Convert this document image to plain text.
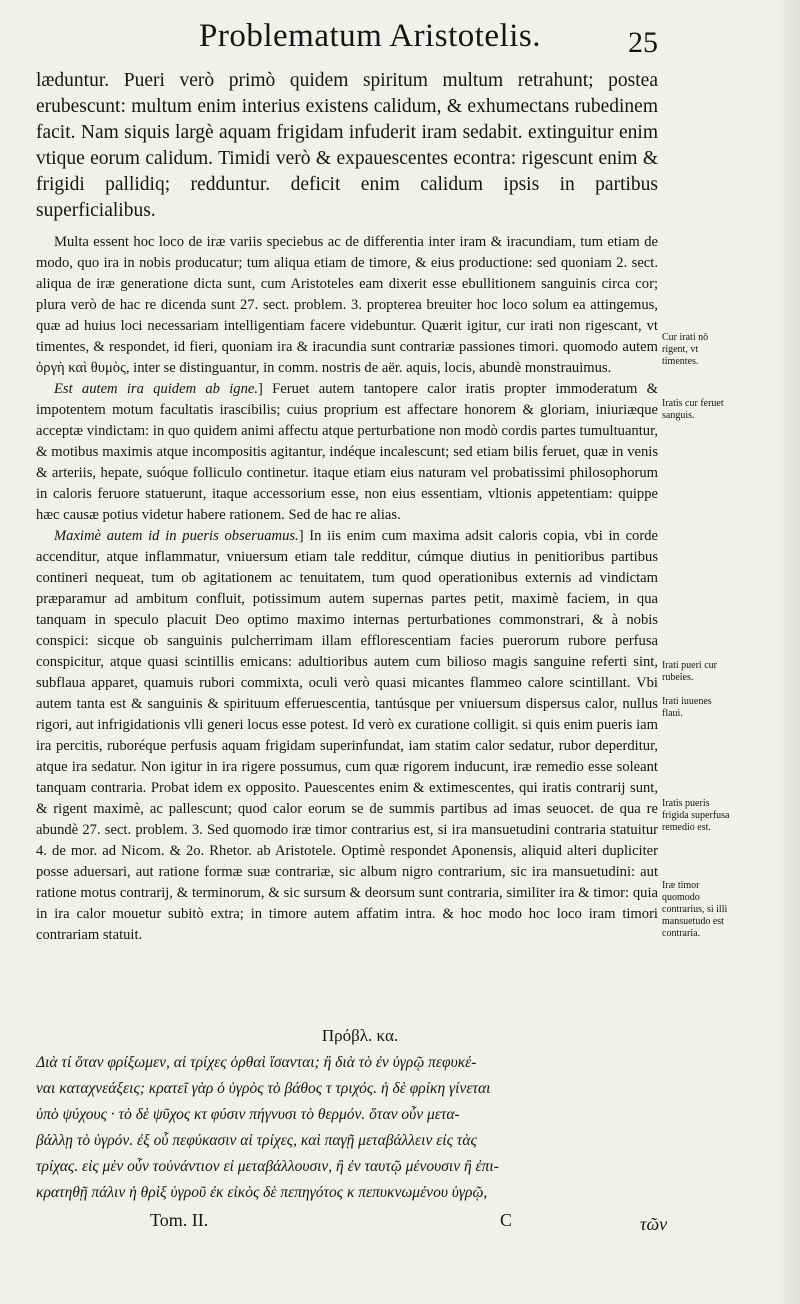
Problematum Aristotelis.	25
læduntur. Pueri verò primò quidem spiritum multum retrahunt; postea erubescunt: multum enim interius existens calidum, & exhumectans rubedinem facit. Nam siquis largè aquam frigidam infuderit iram sedabit. extinguitur enim vtique eorum calidum. Timidi verò & expauescentes econtra: rigescunt enim & frigidi pallidiq; redduntur. deficit enim calidum ipsis in partibus superficialibus.

Multa essent hoc loco de iræ variis speciebus ac de differentia inter iram & iracundiam, tum etiam de modo, quo ira in nobis producatur; tum aliqua etiam de timore, & eius productione: sed quoniam 2. sect. aliqua de iræ generatione dicta sunt, cum Aristoteles eam dixerit esse ebullitionem sanguinis circa cor; plura verò de hac re dicenda sunt 27. sect. problem. 3. propterea breuiter hoc loco solum ea attingemus, quæ ad huius loci necessariam intelligentiam facere videbuntur. Quærit igitur, cur irati non rigescant, vt timentes, & respondet, id fieri, quoniam ira & iracundia sunt contrariæ passiones timori. quomodo autem ὀργὴ καὶ θυμὸς, inter se distinguantur, in comm. nostris de aër. aquis, locis, abundè monstrauimus.

Est autem ira quidem ab igne.] Feruet autem tantopere calor iratis propter immoderatum & impotentem motum facultatis irascibilis; cuius proprium est affectare honorem & gloriam, iniuriæque acceptæ vindictam: in quo quidem animi affectu atque perturbatione non modò cordis partes tumultuantur, & motibus maximis atque incompositis agitantur, indéque incalescunt; sed etiam bilis feruet, quæ in venis & arteriis, hepate, suóque folliculo continetur. itaque etiam eius naturam vel probatissimi philosophorum in caloris feruore statuerunt, itaque accessorium esse, non eius essentiam, vltionis appetentiam: quippe hæc causæ potius videtur habere rationem. Sed de hac re alias.

Maximè autem id in pueris obseruamus.] In iis enim cum maxima adsit caloris copia, vbi in corde accenditur, atque inflammatur, vniuersum etiam tale redditur, cúmque diutius in penitioribus partibus contineri nequeat, tum ob agitationem ac tenuitatem, tum quod operationibus externis ad vindictam præparamur ad ambitum confluit, potissimum autem supernas partes petit, maximè faciem, in qua tanquam in speculo placuit Deo optimo maximo internas perturbationes commonstrari, & à nobis conspici: sicque ob sanguinis pulcherrimam illam efflorescentiam facies puerorum rubore perfusa conspicitur, atque quasi scintillis emicans: adultioribus autem cum bilioso magis sanguine referti sint, subflaua apparet, quamuis rubori commixta, oculi verò quasi micantes flammeo calore scintillant. Vbi autem tanta est & sanguinis & spirituum efferuescentia, tantúsque per vniuersum dispersus calor, nullus rigori, aut infrigidationis vlli generi locus esse potest. Id verò ex curatione colligit. si quis enim pueris iam ira percitis, ruboréque perfusis aquam frigidam superinfundat, iam statim calor sedatur, rubor deperditur, atque ira sedatur. Non igitur in ira rigere possumus, cum quæ rigorem inducunt, iræ remedio esse soleant tanquam contraria. Probat idem ex opposito. Pauescentes enim & extimescentes, qui iratis contrarij sunt, & rigent maximè, ac pallescunt; quod calor eorum se de summis partibus ad imas seuocet. de qua re abundè 27. sect. problem. 3. Sed quomodo iræ timor contrarius est, si ira mansuetudini contraria statuitur 4. de mor. ad Nicom. & 2o. Rhetor. ab Aristotele. Optimè respondet Aponensis, aliquid alteri dupliciter posse aduersari, aut ratione formæ suæ contrariæ, sic album nigro contrarium, sic ira mansuetudini: aut ratione motus contrarij, & terminorum, & sic sursum & deorsum sunt contraria, similiter ira & timor: quia in ira calor mouetur subitò extra; in timore autem affatim intra. & hoc modo hoc loco iram timori contrariam statuit.

Cur irati nō rigent, vt timentes.
Iratis cur feruet sanguis.
Irati pueri cur rubeîes.
Irati iuuenes flaui.
Iratis pueris frigida superfusa remedio est.
Iræ timor quomodo contrarius, si illi mansuetudo est contraria.
Πρόβλ. κα.
Διὰ τί ὅταν φρίξωμεν, αἱ τρίχες ὀρθαὶ ἵσανται; ἢ διὰ τὸ ἐν ὑγρῷ πεφυκέ-
ναι καταχνεάξεις; κρατεῖ γὰρ ὁ ὑγρὸς τὸ βάθος τ τριχός. ἡ δὲ φρίκη γίνεται
ὑπὸ ψύχους · τὸ δὲ ψῦχος κτ φύσιν πήγνυσι τὸ θερμόν. ὅταν οὖν μετα-
βάλλῃ τὸ ὑγρόν. ἐξ οὗ πεφύκασιν αἱ τρίχες, καὶ παγῇ μεταβάλλειν εἰς τὰς
τρίχας. εἰς μὲν οὖν τοὐνάντιον εἰ μεταβάλλουσιν, ἢ ἐν ταυτῷ μένουσιν ἢ ἐπι-
κρατηθῇ πάλιν ἡ θρὶξ ὑγροῦ ἐκ εἰκὸς δὲ πεπηγότος κ πεπυκνωμένου ὑγρῷ,
Tom. II.	C	τῶν
